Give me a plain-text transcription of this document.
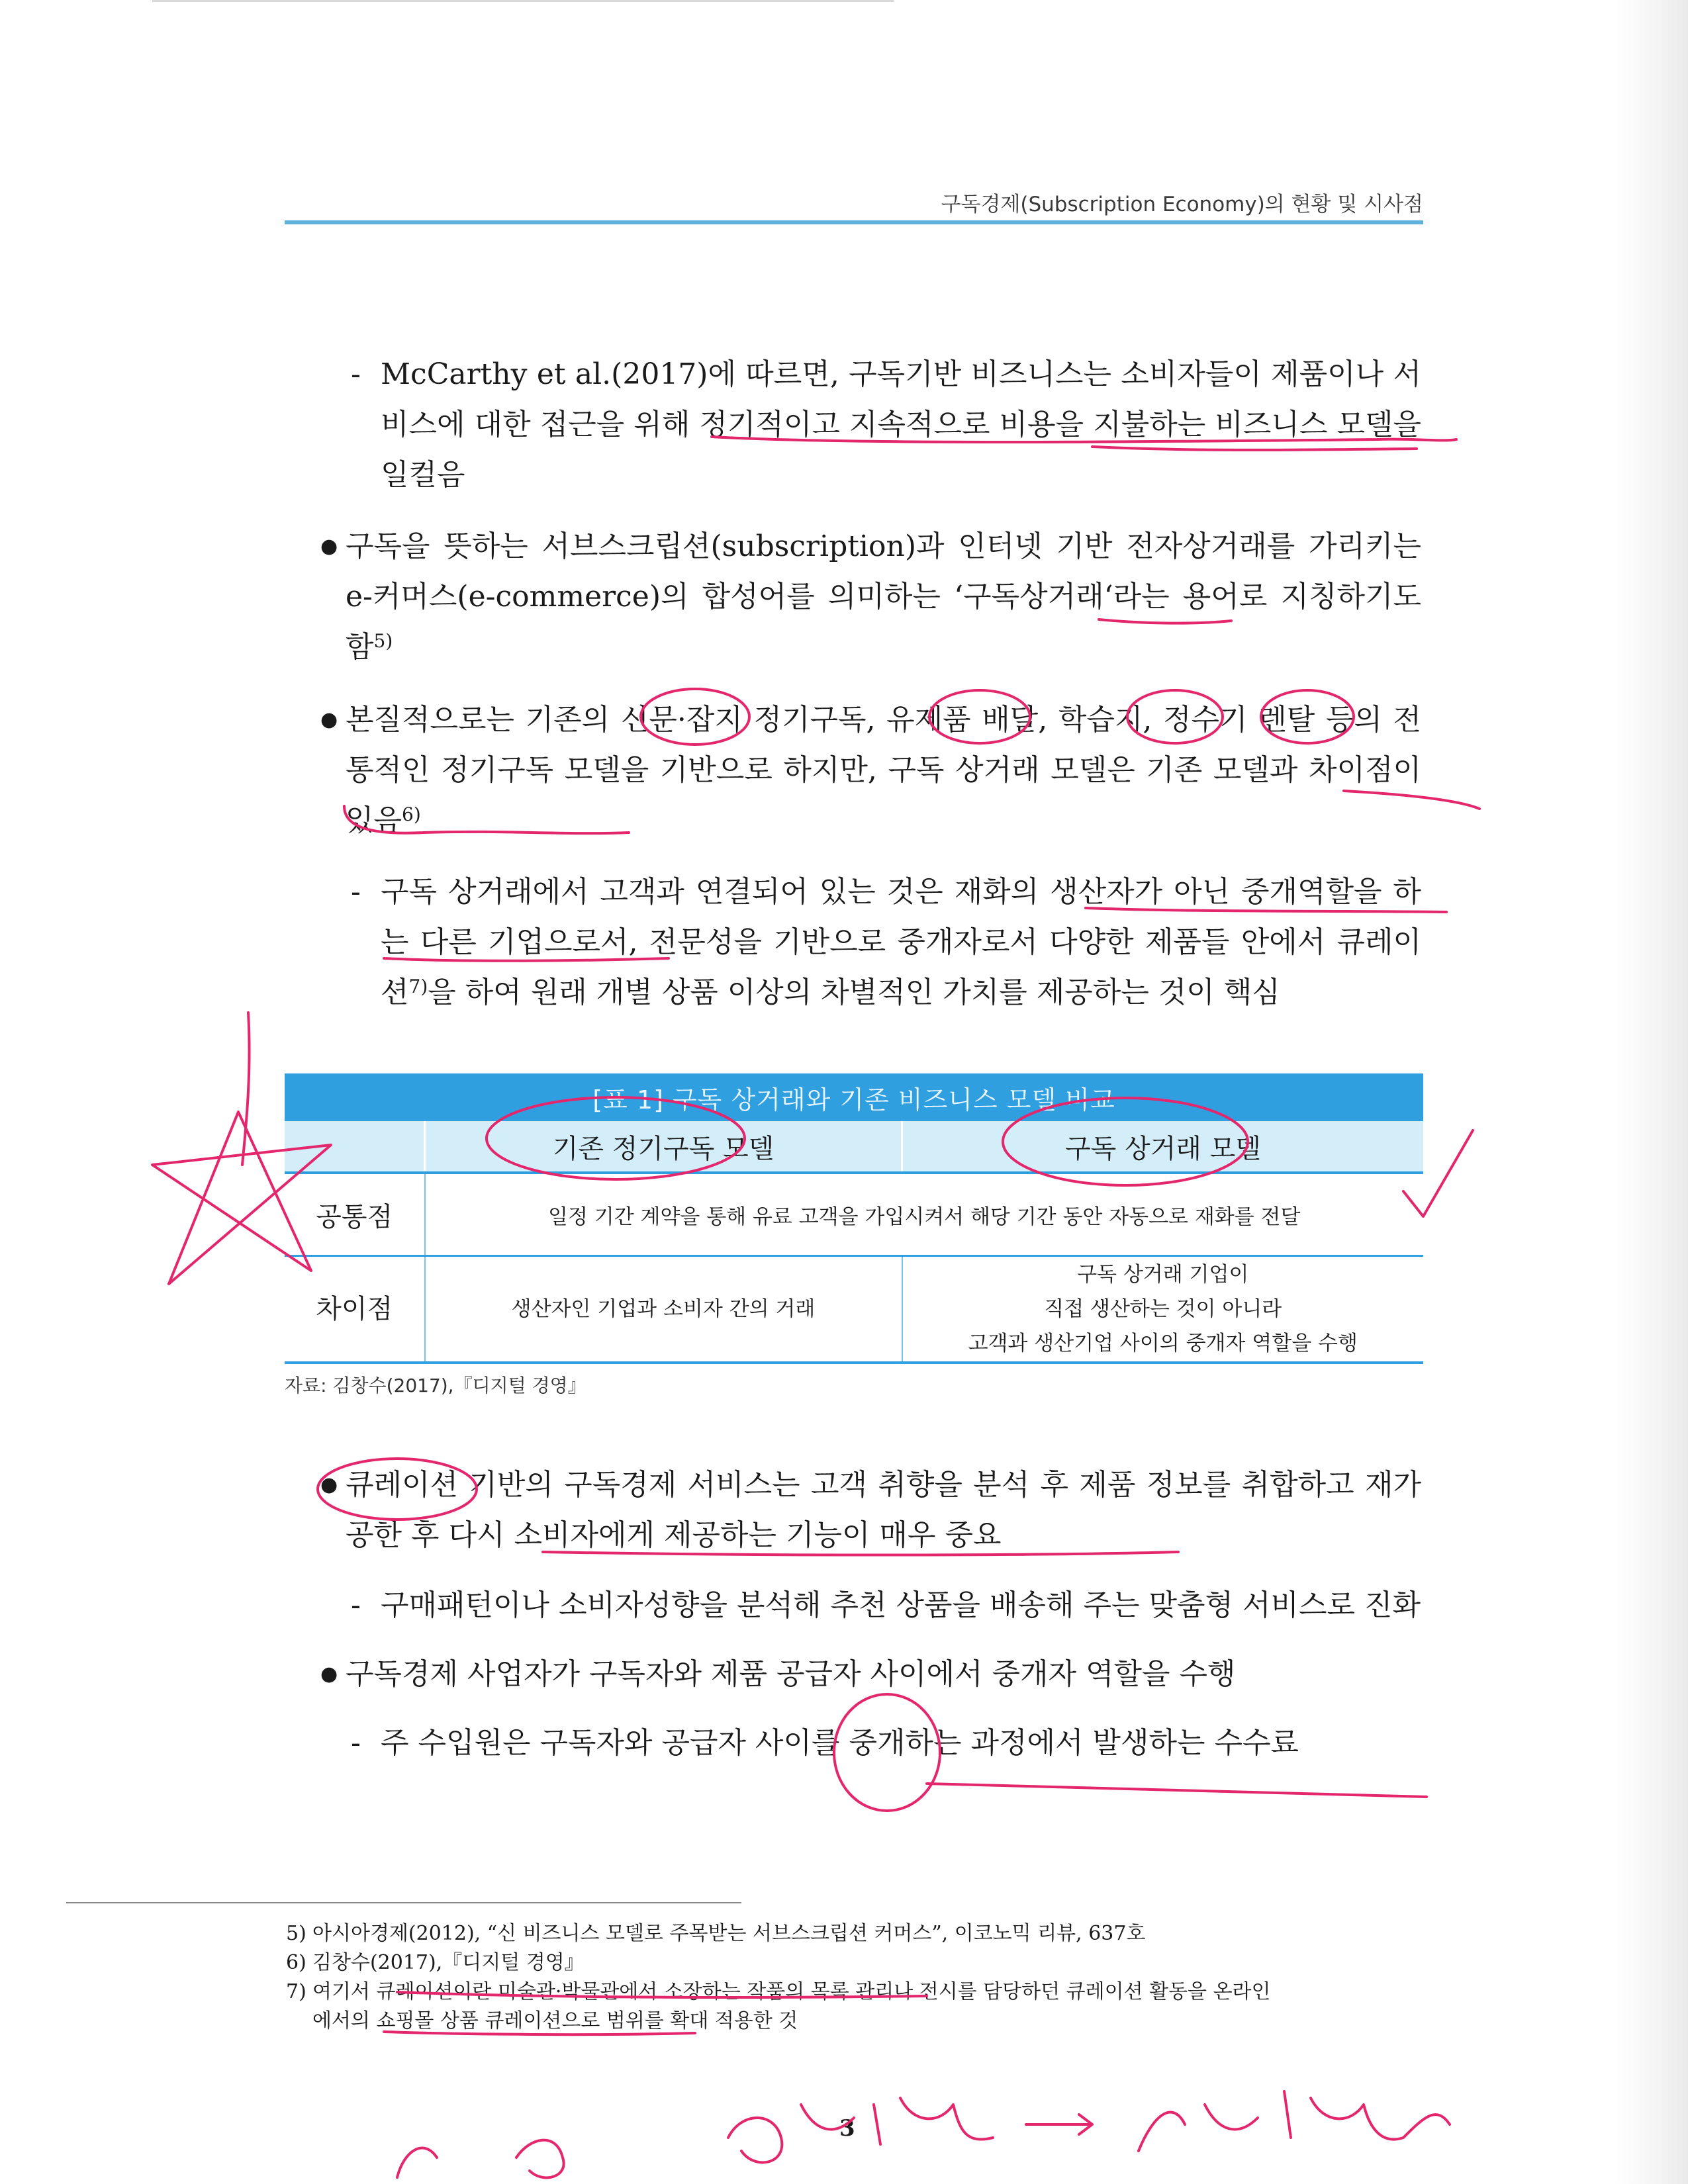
구독경제(Subscription Economy)의 현황 및 시사점
- McCarthy et al.(2017)에 따르면, 구독기반 비즈니스는 소비자들이 제품이나 서비스에 대한 접근을 위해 정기적이고 지속적으로 비용을 지불하는 비즈니스 모델을 일컬음

● 구독을 뜻하는 서브스크립션(subscription)과 인터넷 기반 전자상거래를 가리키는 e-커머스(e-commerce)의 합성어를 의미하는 ‘구독상거래‘라는 용어로 지칭하기도 함$^{5)}$

● 본질적으로는 기존의 신문·잡지 정기구독, 유제품 배달, 학습지, 정수기 렌탈 등의 전통적인 정기구독 모델을 기반으로 하지만, 구독 상거래 모델은 기존 모델과 차이점이 있음$^{6)}$

- 구독 상거래에서 고객과 연결되어 있는 것은 재화의 생산자가 아닌 중개역할을 하는 다른 기업으로서, 전문성을 기반으로 중개자로서 다양한 제품들 안에서 큐레이션$^{7)}$을 하여 원래 개별 상품 이상의 차별적인 가치를 제공하는 것이 핵심

[표 1] 구독 상거래와 기존 비즈니스 모델 비교		
	기존 정기구독 모델	구독 상거래 모델
공통점	일정 기간 계약을 통해 유료 고객을 가입시켜서 해당 기간 동안 자동으로 재화를 전달	
차이점	생산자인 기업과 소비자 간의 거래	구독 상거래 기업이
직접 생산하는 것이 아니라
고객과 생산기업 사이의 중개자 역할을 수행
자료: 김창수(2017),『디지털 경영』
● 큐레이션 기반의 구독경제 서비스는 고객 취향을 분석 후 제품 정보를 취합하고 재가공한 후 다시 소비자에게 제공하는 기능이 매우 중요

- 구매패턴이나 소비자성향을 분석해 추천 상품을 배송해 주는 맞춤형 서비스로 진화

● 구독경제 사업자가 구독자와 제품 공급자 사이에서 중개자 역할을 수행

- 주 수입원은 구독자와 공급자 사이를 중개하는 과정에서 발생하는 수수료

5) 아시아경제(2012), “신 비즈니스 모델로 주목받는 서브스크립션 커머스”, 이코노믹 리뷰, 637호
6) 김창수(2017),『디지털 경영』
7) 여기서 큐레이션이란 미술관·박물관에서 소장하는 작품의 목록 관리나 전시를 담당하던 큐레이션 활동을 온라인
에서의 쇼핑몰 상품 큐레이션으로 범위를 확대 적용한 것
3
